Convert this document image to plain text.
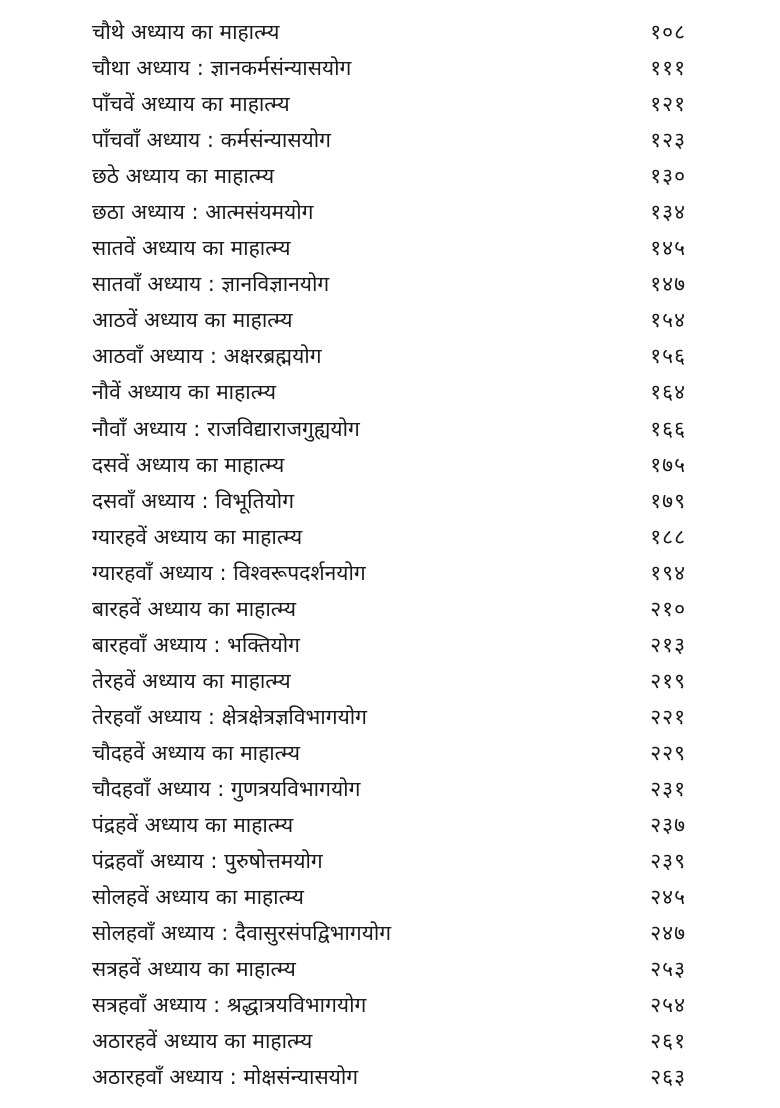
चौथे अध्याय का माहात्म्य	१०८
चौथा अध्याय : ज्ञानकर्मसंन्यासयोग	१११
पाँचवें अध्याय का माहात्म्य	१२१
पाँचवाँ अध्याय : कर्मसंन्यासयोग	१२३
छठे अध्याय का माहात्म्य	१३०
छठा अध्याय : आत्मसंयमयोग	१३४
सातवें अध्याय का माहात्म्य	१४५
सातवाँ अध्याय : ज्ञानविज्ञानयोग	१४७
आठवें अध्याय का माहात्म्य	१५४
आठवाँ अध्याय : अक्षरब्रह्मयोग	१५६
नौवें अध्याय का माहात्म्य	१६४
नौवाँ अध्याय : राजविद्याराजगुह्ययोग	१६६
दसवें अध्याय का माहात्म्य	१७५
दसवाँ अध्याय : विभूतियोग	१७९
ग्यारहवें अध्याय का माहात्म्य	१८८
ग्यारहवाँ अध्याय : विश्वरूपदर्शनयोग	१९४
बारहवें अध्याय का माहात्म्य	२१०
बारहवाँ अध्याय : भक्तियोग	२१३
तेरहवें अध्याय का माहात्म्य	२१९
तेरहवाँ अध्याय : क्षेत्रक्षेत्रज्ञविभागयोग	२२१
चौदहवें अध्याय का माहात्म्य	२२९
चौदहवाँ अध्याय : गुणत्रयविभागयोग	२३१
पंद्रहवें अध्याय का माहात्म्य	२३७
पंद्रहवाँ अध्याय : पुरुषोत्तमयोग	२३९
सोलहवें अध्याय का माहात्म्य	२४५
सोलहवाँ अध्याय : दैवासुरसंपद्विभागयोग	२४७
सत्रहवें अध्याय का माहात्म्य	२५३
सत्रहवाँ अध्याय : श्रद्धात्रयविभागयोग	२५४
अठारहवें अध्याय का माहात्म्य	२६१
अठारहवाँ अध्याय : मोक्षसंन्यासयोग	२६३
